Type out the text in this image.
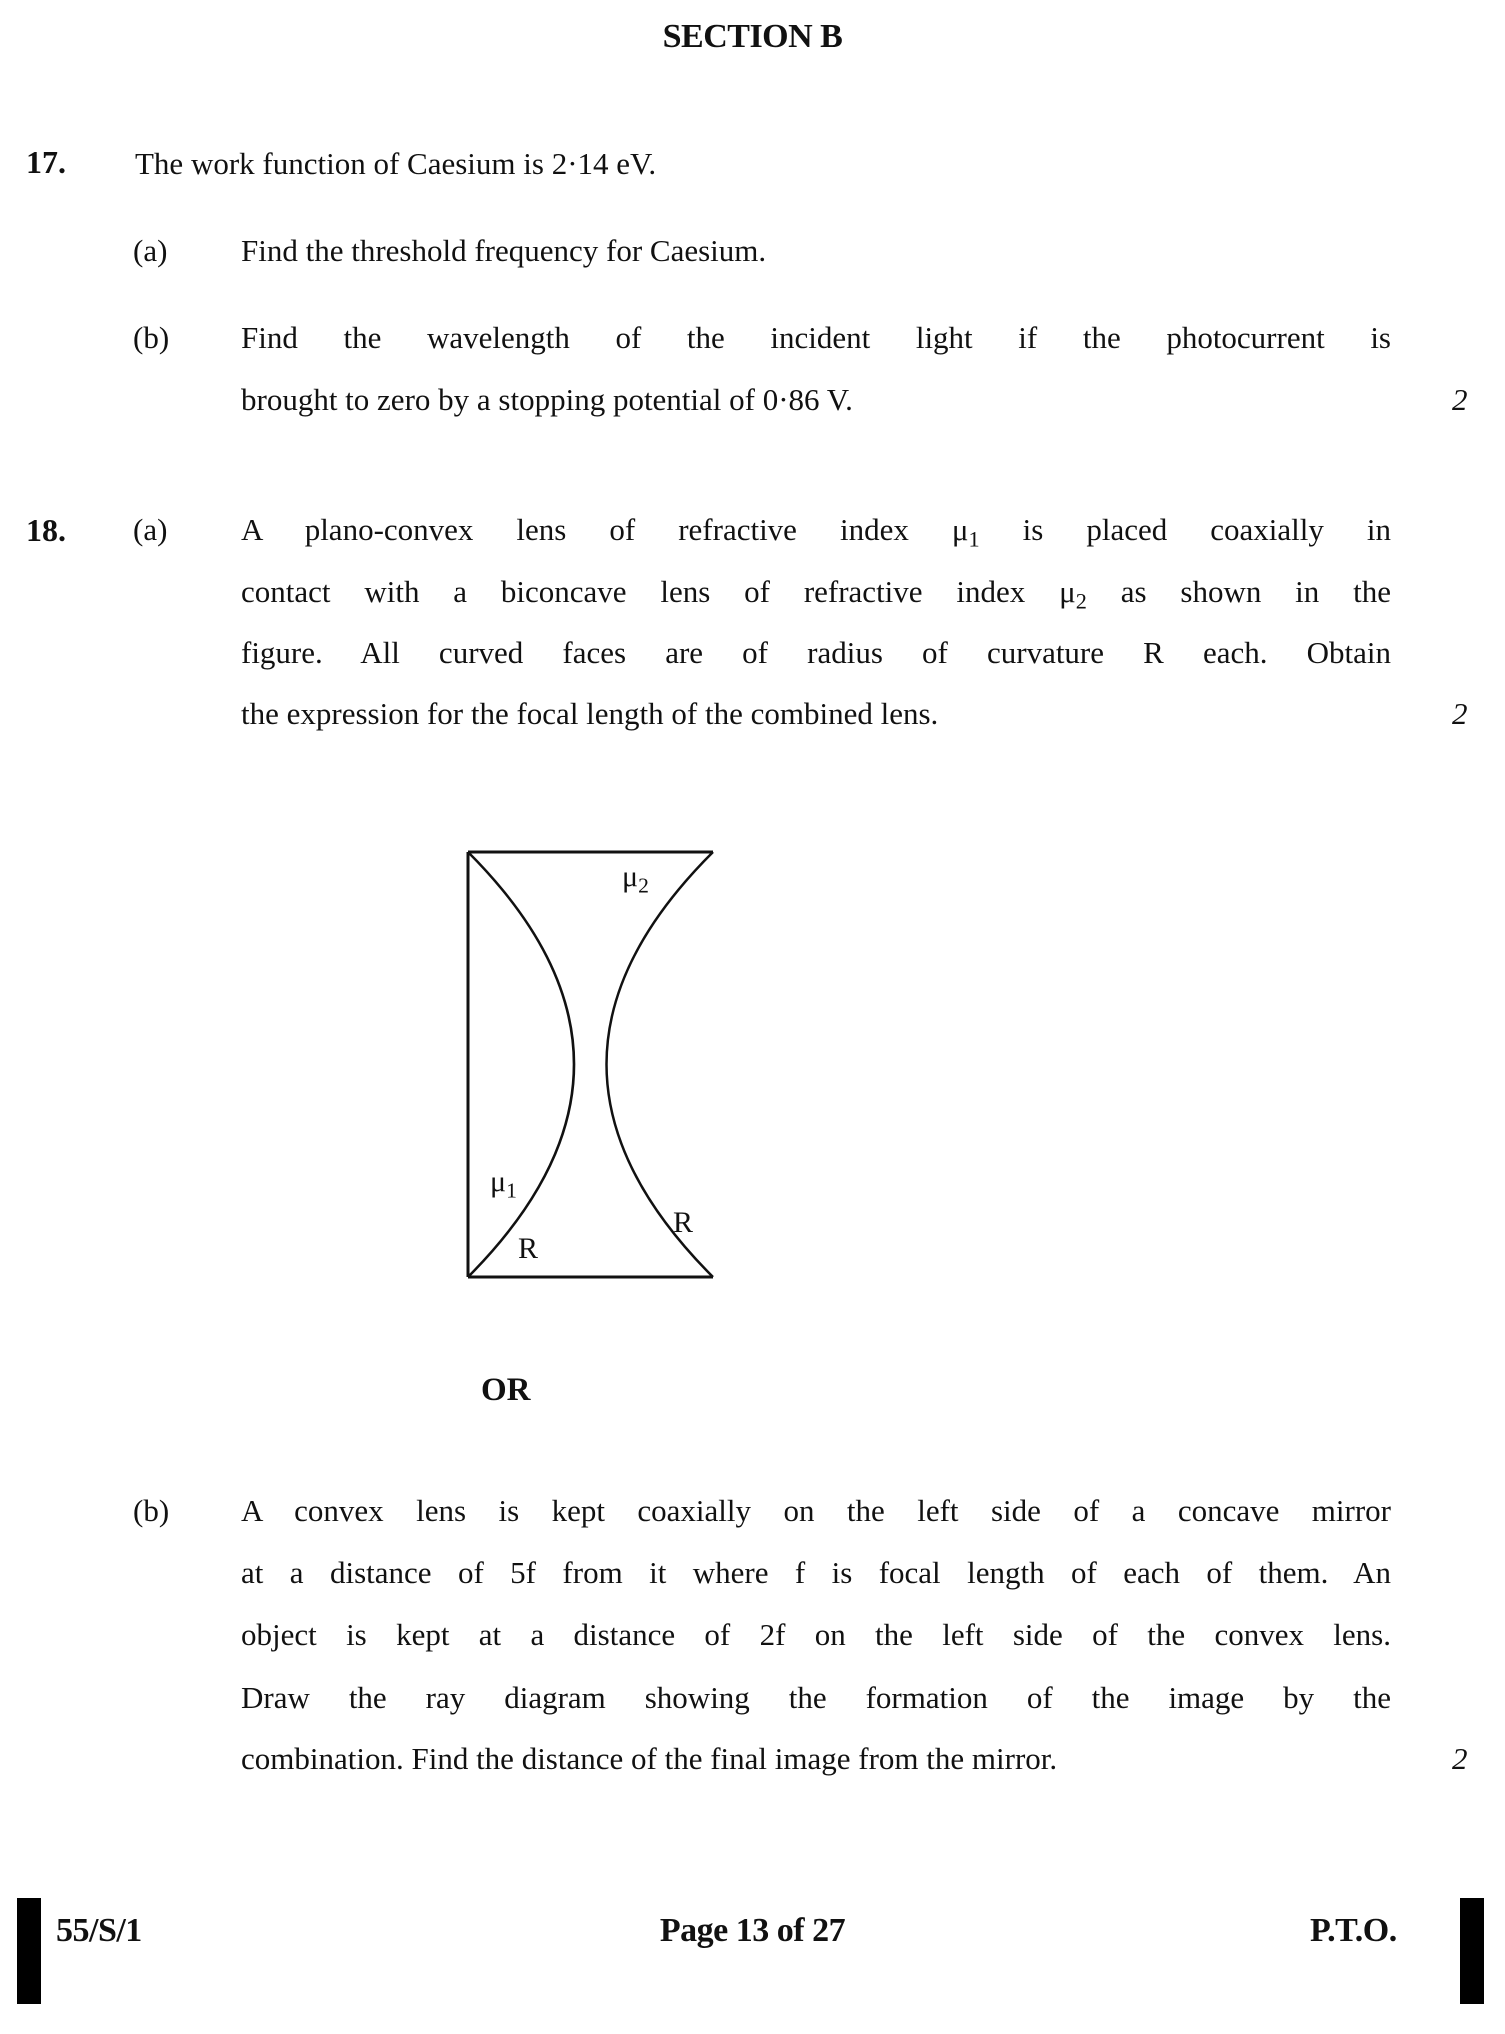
SECTION B
17. The work function of Caesium is 2·14 eV.
(a) Find the threshold frequency for Caesium.
(b) Find the wavelength of the incident light if the photocurrent is
brought to zero by a stopping potential of 0·86 V.	2
18. (a) A plano-convex lens of refractive index $\mu_1$ is placed coaxially in
contact with a biconcave lens of refractive index $\mu_2$ as shown in the
figure. All curved faces are of radius of curvature R each. Obtain
the expression for the focal length of the combined lens.	2
$\mu_2$
$\mu_1$
R
R
OR
(b) A convex lens is kept coaxially on the left side of a concave mirror
at a distance of 5f from it where f is focal length of each of them. An
object is kept at a distance of 2f on the left side of the convex lens.
Draw the ray diagram showing the formation of the image by the
combination. Find the distance of the final image from the mirror.	2
55/S/1	Page 13 of 27	P.T.O.
